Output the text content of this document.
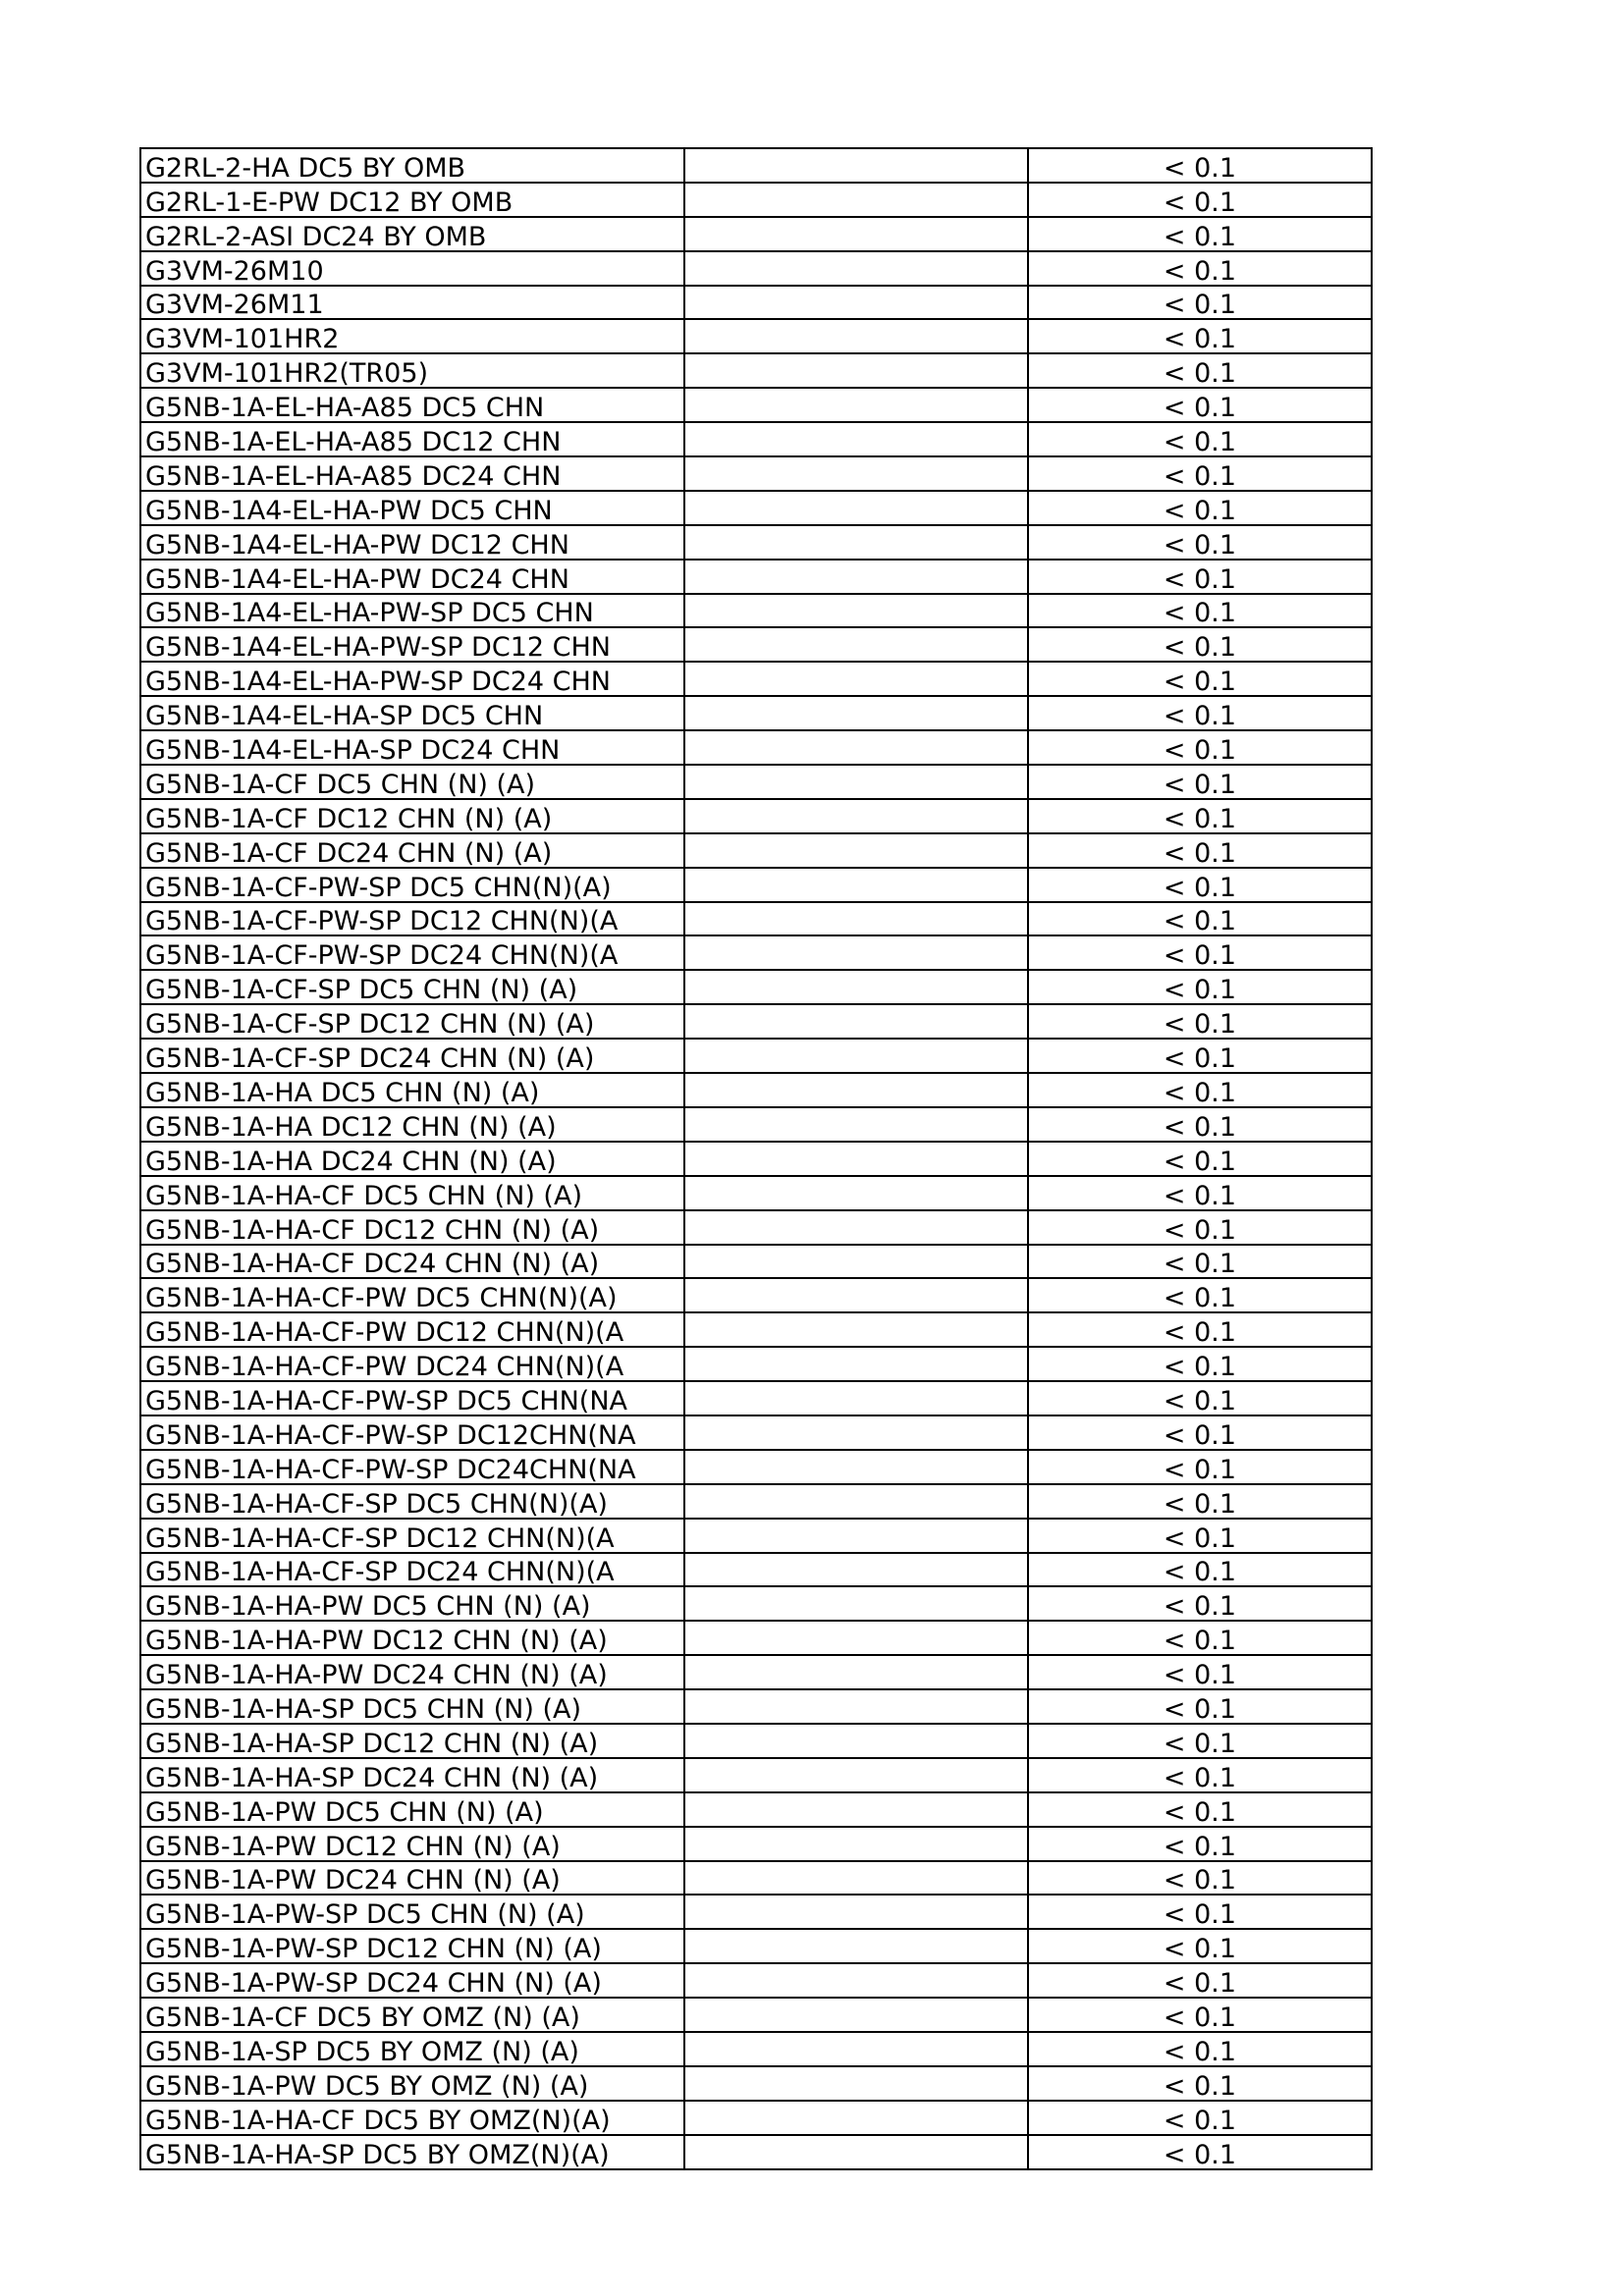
G2RL-2-HA DC5 BY OMB		< 0.1
G2RL-1-E-PW DC12 BY OMB		< 0.1
G2RL-2-ASI DC24 BY OMB		< 0.1
G3VM-26M10		< 0.1
G3VM-26M11		< 0.1
G3VM-101HR2		< 0.1
G3VM-101HR2(TR05)		< 0.1
G5NB-1A-EL-HA-A85 DC5 CHN		< 0.1
G5NB-1A-EL-HA-A85 DC12 CHN		< 0.1
G5NB-1A-EL-HA-A85 DC24 CHN		< 0.1
G5NB-1A4-EL-HA-PW DC5 CHN		< 0.1
G5NB-1A4-EL-HA-PW DC12 CHN		< 0.1
G5NB-1A4-EL-HA-PW DC24 CHN		< 0.1
G5NB-1A4-EL-HA-PW-SP DC5 CHN		< 0.1
G5NB-1A4-EL-HA-PW-SP DC12 CHN		< 0.1
G5NB-1A4-EL-HA-PW-SP DC24 CHN		< 0.1
G5NB-1A4-EL-HA-SP DC5 CHN		< 0.1
G5NB-1A4-EL-HA-SP DC24 CHN		< 0.1
G5NB-1A-CF DC5 CHN (N) (A)		< 0.1
G5NB-1A-CF DC12 CHN (N) (A)		< 0.1
G5NB-1A-CF DC24 CHN (N) (A)		< 0.1
G5NB-1A-CF-PW-SP DC5 CHN(N)(A)		< 0.1
G5NB-1A-CF-PW-SP DC12 CHN(N)(A		< 0.1
G5NB-1A-CF-PW-SP DC24 CHN(N)(A		< 0.1
G5NB-1A-CF-SP DC5 CHN (N) (A)		< 0.1
G5NB-1A-CF-SP DC12 CHN (N) (A)		< 0.1
G5NB-1A-CF-SP DC24 CHN (N) (A)		< 0.1
G5NB-1A-HA DC5 CHN (N) (A)		< 0.1
G5NB-1A-HA DC12 CHN (N) (A)		< 0.1
G5NB-1A-HA DC24 CHN (N) (A)		< 0.1
G5NB-1A-HA-CF DC5 CHN (N) (A)		< 0.1
G5NB-1A-HA-CF DC12 CHN (N) (A)		< 0.1
G5NB-1A-HA-CF DC24 CHN (N) (A)		< 0.1
G5NB-1A-HA-CF-PW DC5 CHN(N)(A)		< 0.1
G5NB-1A-HA-CF-PW DC12 CHN(N)(A		< 0.1
G5NB-1A-HA-CF-PW DC24 CHN(N)(A		< 0.1
G5NB-1A-HA-CF-PW-SP DC5 CHN(NA		< 0.1
G5NB-1A-HA-CF-PW-SP DC12CHN(NA		< 0.1
G5NB-1A-HA-CF-PW-SP DC24CHN(NA		< 0.1
G5NB-1A-HA-CF-SP DC5 CHN(N)(A)		< 0.1
G5NB-1A-HA-CF-SP DC12 CHN(N)(A		< 0.1
G5NB-1A-HA-CF-SP DC24 CHN(N)(A		< 0.1
G5NB-1A-HA-PW DC5 CHN (N) (A)		< 0.1
G5NB-1A-HA-PW DC12 CHN (N) (A)		< 0.1
G5NB-1A-HA-PW DC24 CHN (N) (A)		< 0.1
G5NB-1A-HA-SP DC5 CHN (N) (A)		< 0.1
G5NB-1A-HA-SP DC12 CHN (N) (A)		< 0.1
G5NB-1A-HA-SP DC24 CHN (N) (A)		< 0.1
G5NB-1A-PW DC5 CHN (N) (A)		< 0.1
G5NB-1A-PW DC12 CHN (N) (A)		< 0.1
G5NB-1A-PW DC24 CHN (N) (A)		< 0.1
G5NB-1A-PW-SP DC5 CHN (N) (A)		< 0.1
G5NB-1A-PW-SP DC12 CHN (N) (A)		< 0.1
G5NB-1A-PW-SP DC24 CHN (N) (A)		< 0.1
G5NB-1A-CF DC5 BY OMZ (N) (A)		< 0.1
G5NB-1A-SP DC5 BY OMZ (N) (A)		< 0.1
G5NB-1A-PW DC5 BY OMZ (N) (A)		< 0.1
G5NB-1A-HA-CF DC5 BY OMZ(N)(A)		< 0.1
G5NB-1A-HA-SP DC5 BY OMZ(N)(A)		< 0.1
